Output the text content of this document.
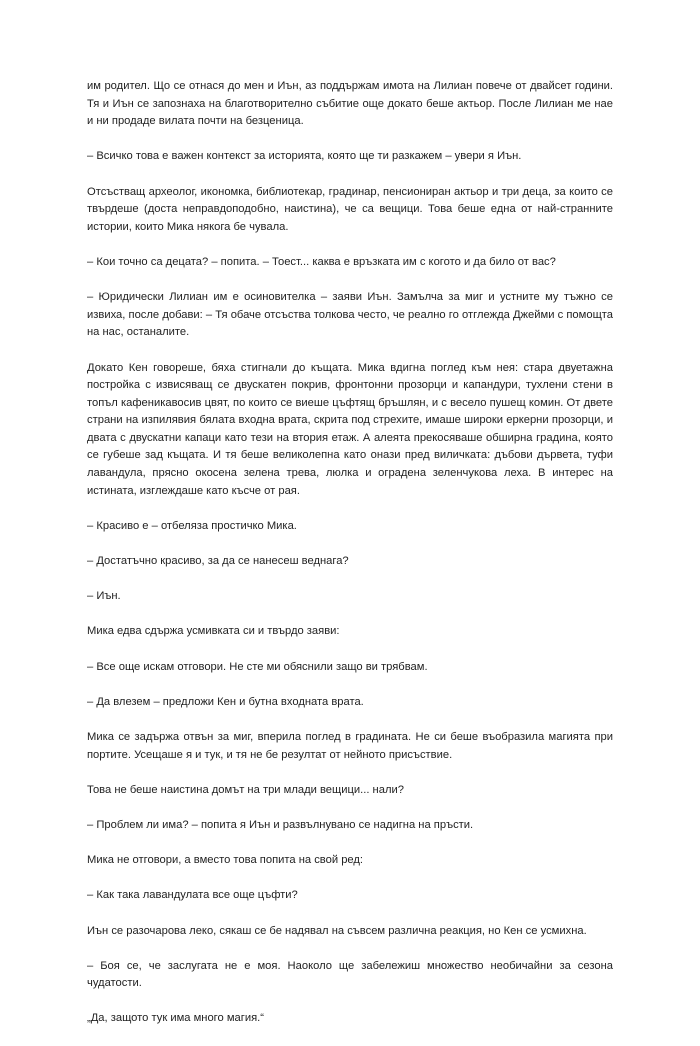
им родител. Що се отнася до мен и Иън, аз поддържам имота на Лилиан повече от двайсет години. Тя и Иън се запознаха на благотворително събитие още докато беше актьор. После Лилиан ме нае и ни продаде вилата почти на безценица.

– Всичко това е важен контекст за историята, която ще ти разкажем – увери я Иън.

Отсъстващ археолог, икономка, библиотекар, градинар, пенсиониран актьор и три деца, за които се твърдеше (доста неправдоподобно, наистина), че са вещици. Това беше една от най-странните истории, които Мика някога бе чувала.

– Кои точно са децата? – попита. – Тоест... каква е връзката им с когото и да било от вас?

– Юридически Лилиан им е осиновителка – заяви Иън. Замълча за миг и устните му тъжно се извиха, после добави: – Тя обаче отсъства толкова често, че реално го отглежда Джейми с помощта на нас, останалите.

Докато Кен говореше, бяха стигнали до къщата. Мика вдигна поглед към нея: стара двуетажна постройка с извисяващ се двускатен покрив, фронтонни прозорци и капандури, тухлени стени в топъл кафеникавосив цвят, по които се виеше цъфтящ бръшлян, и с весело пушещ комин. От двете страни на изпилявия бялата входна врата, скрита под стрехите, имаше широки еркерни прозорци, и двата с двускатни капаци като тези на втория етаж. А алеята прекосяваше обширна градина, която се губеше зад къщата. И тя беше великолепна като онази пред виличката: дъбови дървета, туфи лавандула, прясно окосена зелена трева, люлка и оградена зеленчукова леха. В интерес на истината, изглеждаше като късче от рая.

– Красиво е – отбеляза простичко Мика.

– Достатъчно красиво, за да се нанесеш веднага?

– Иън.

Мика едва сдържа усмивката си и твърдо заяви:

– Все още искам отговори. Не сте ми обяснили защо ви трябвам.

– Да влезем – предложи Кен и бутна входната врата.

Мика се задържа отвън за миг, вперила поглед в градината. Не си беше въобразила магията при портите. Усещаше я и тук, и тя не бе резултат от нейното присъствие.

Това не беше наистина домът на три млади вещици... нали?

– Проблем ли има? – попита я Иън и развълнувано се надигна на пръсти.

Мика не отговори, а вместо това попита на свой ред:

– Как така лавандулата все още цъфти?

Иън се разочарова леко, сякаш се бе надявал на съвсем различна реакция, но Кен се усмихна.

– Боя се, че заслугата не е моя. Наоколо ще забележиш множество необичайни за сезона чудатости.

„Да, защото тук има много магия.“
